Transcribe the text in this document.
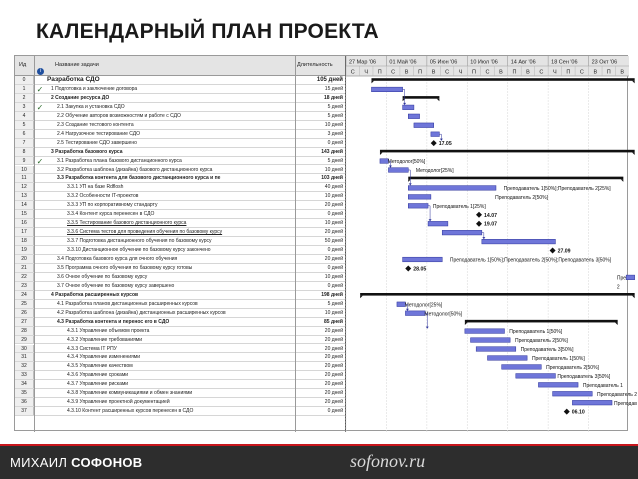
КАЛЕНДАРНЫЙ ПЛАН ПРОЕКТА
Ид
i
Название задачи	Длительность
0	Разработка СДО	105 дней
1	✓	1 Подготовка и заключение договора	15 дней
2	2 Создание ресурса ДО	18 дней
3	✓	2.1 Закупка и установка СДО	5 дней
4	2.2 Обучение авторов возможностям и работе с СДО	5 дней
5	2.3 Создание тестового контента	10 дней
6	2.4 Нагрузочное тестирование СДО	3 дней
7	2.5 Тестирование СДО завершено	0 дней
8	3 Разработка базового курса	143 дней
9	✓	3.1 Разработка плана базового дистанционного курса	5 дней
10	3.2 Разработка шаблона (дизайна) базового дистанционного курса	10 дней
11	3.3 Разработка контента для базового дистанционного курса и пе	103 дней
12	3.3.1 УП на базе Rdflosh	40 дней
13	3.3.2 Особенности IT-проектов	10 дней
14	3.3.3 УП по корпоративному стандарту	20 дней
15	3.3.4 Контент курса перенесен в СДО	0 дней
16	3.3.5 Тестирование базового дистанционного курса	10 дней
17	3.3.6 Система тестов для проведения обучения по базовому курсу	20 дней
18	3.3.7 Подготовка дистанционного обучения по базовому курсу	50 дней
19	3.3.10 Дистанционное обучение по базовому курсу закончено	0 дней
20	3.4 Подготовка базового курса для очного обучения	20 дней
21	3.5 Программа очного обучения по базовому курсу готовы	0 дней
22	3.6 Очное обучение по базовому курсу	10 дней
23	3.7 Очное обучение по базовому курсу завершено	0 дней
24	4 Разработка расширенных курсов	198 дней
25	4.1 Разработка планов дистанционных расширенных курсов	5 дней
26	4.2 Разработка шаблона (дизайна) дистанционных расширенных курсов	10 дней
27	4.3 Разработка контента и перенос его в СДО	85 дней
28	4.3.1 Управление объемом проекта	20 дней
29	4.3.2 Управление требованиями	20 дней
30	4.3.3 Система IT РПУ	20 дней
31	4.3.4 Управление изменениями	20 дней
32	4.3.5 Управление качеством	20 дней
33	4.3.6 Управление сроками	20 дней
34	4.3.7 Управление рисками	20 дней
35	4.3.8 Управление коммуникациями и обмен знаниями	20 дней
36	4.3.9 Управление проектной документацией	20 дней
37	4.3.10 Контент расширенных курсов перенесен в СДО	0 дней
27 Мар '06 01 Май '06 05 Июн '06 10 Июл '06 14 Авг '06	18 Сен '06	23 Окт '06
С Ч П С В П В С Ч П С В П В С Ч П С В П В
17.05
14.07
19.07
27.09
28.05
06.10
Методолог[50%]
Методолог[25%]
Преподаватель 1[50%];Преподаватель 2[25%]
Преподаватель 2[50%]
Преподаватель 1[25%]
Преподаватель 1[50%];Преподаватель 2[50%];Преподаватель 3[50%]
Пре
2
Методолог[25%]
Методолог[50%]
Преподаватель 1[50%]
Преподаватель 2[50%]
Преподаватель 3[50%]
Преподаватель 1[50%]
Преподаватель 2[50%]
Преподаватель 3[50%]
Преподаватель 1
Преподаватель 2
Преподав
МИХАИЛ СОФОНОВ	sofonov.ru
